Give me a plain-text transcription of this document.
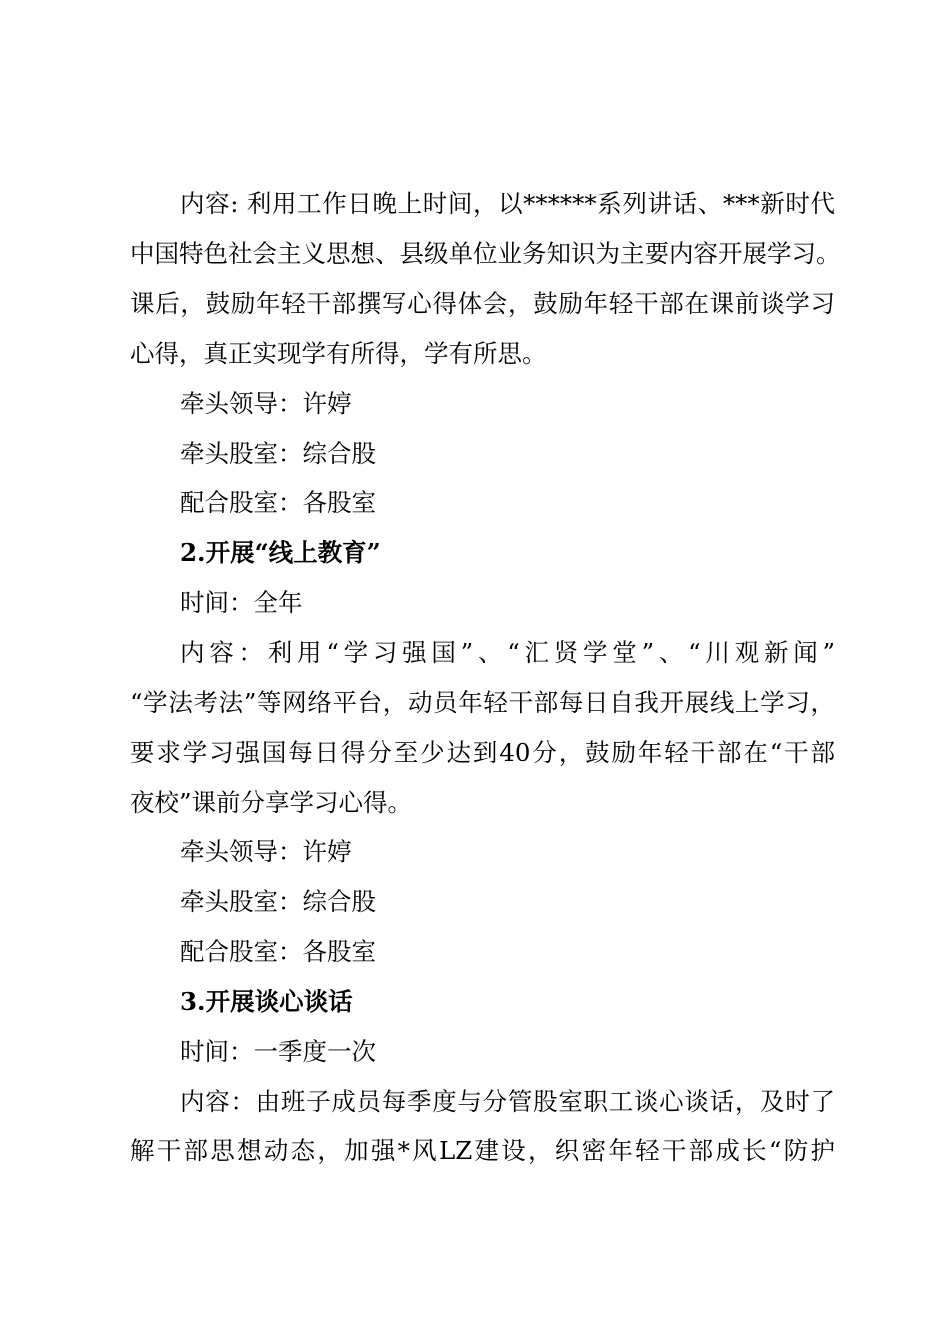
内容: 利用工作日晚上时间，以******系列讲话、***新时代
中国特色社会主义思想、县级单位业务知识为主要内容开展学习。
课后，鼓励年轻干部撰写心得体会，鼓励年轻干部在课前谈学习
心得，真正实现学有所得，学有所思。
牵头领导：许婷
牵头股室：综合股
配合股室：各股室
2.开展“线上教育”
时间：全年
内容：利用“学习强国”、“汇贤学堂”、“川观新闻”
“学法考法”等网络平台，动员年轻干部每日自我开展线上学习，
要求学习强国每日得分至少达到40分，鼓励年轻干部在“干部
夜校”课前分享学习心得。
牵头领导：许婷
牵头股室：综合股
配合股室：各股室
3.开展谈心谈话
时间：一季度一次
内容：由班子成员每季度与分管股室职工谈心谈话，及时了
解干部思想动态，加强*风LZ建设，织密年轻干部成长“防护
